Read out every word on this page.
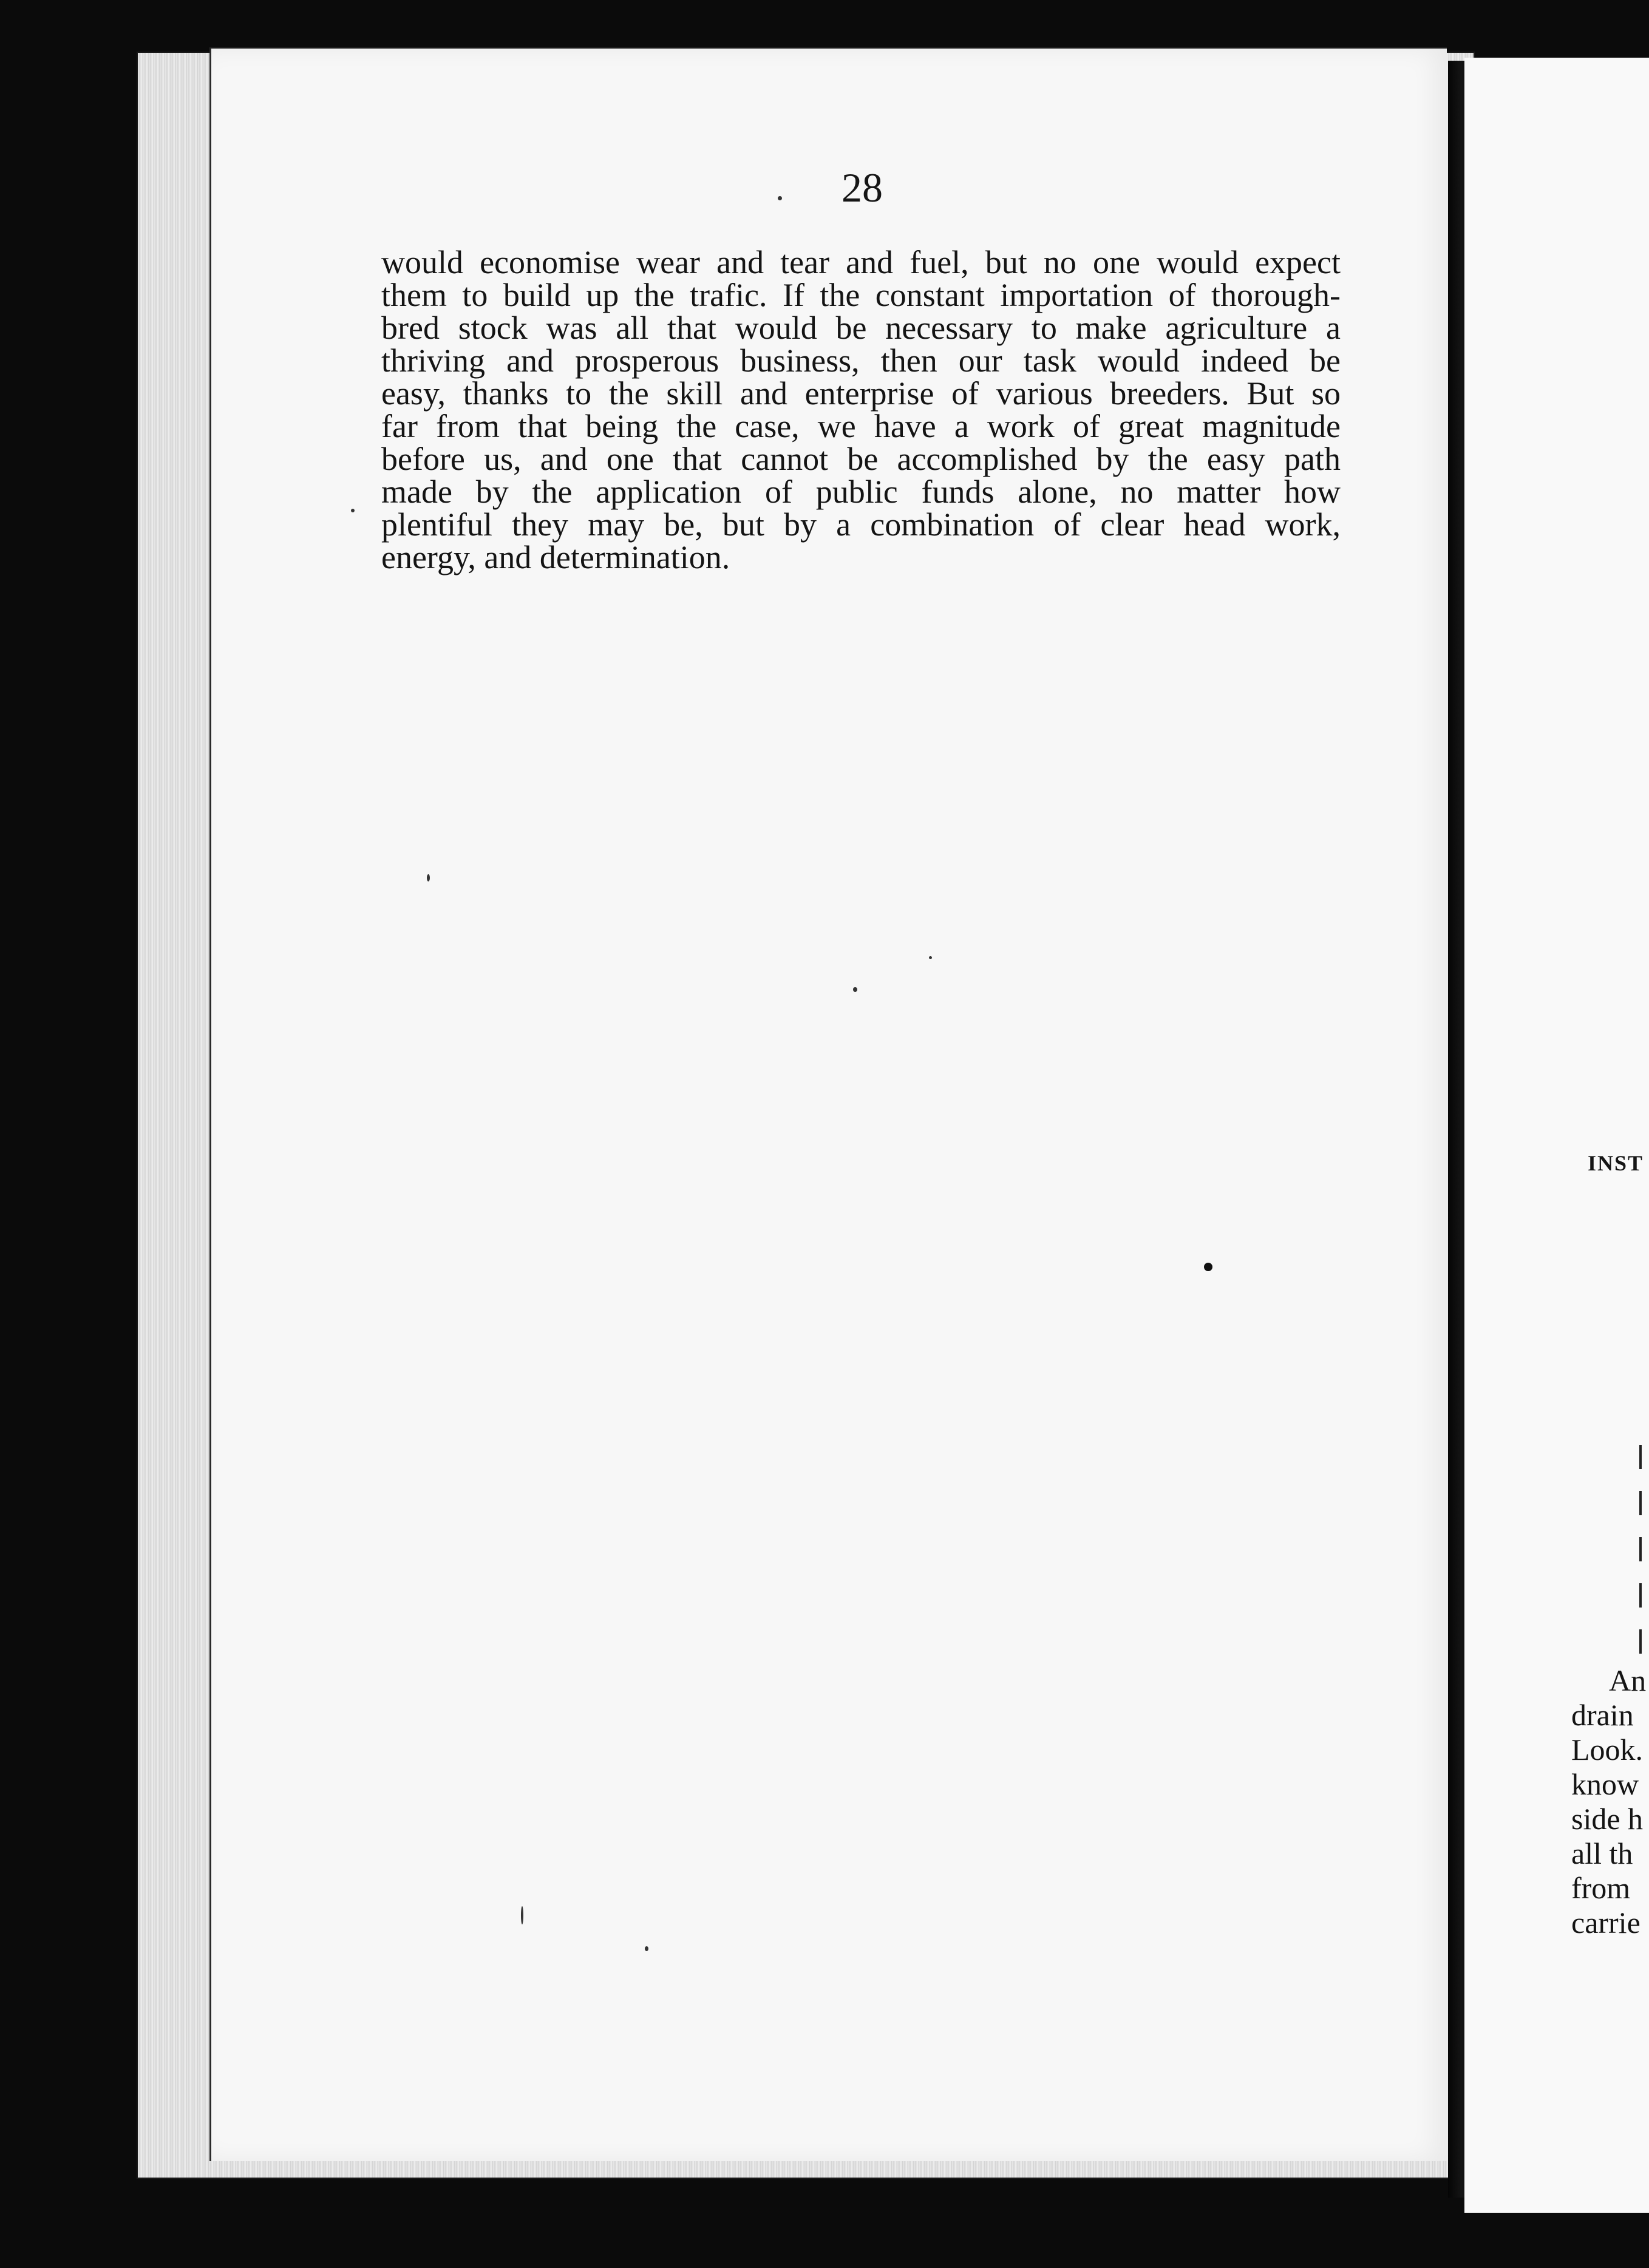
28

would economise wear and tear and fuel, but no one would expect
them to build up the trafic. If the constant importation of thorough-
bred stock was all that would be necessary to make agriculture a
thriving and prosperous business, then our task would indeed be
easy, thanks to the skill and enterprise of various breeders. But so
far from that being the case, we have a work of great magnitude
before us, and one that cannot be accomplished by the easy path
made by the application of public funds alone, no matter how
plentiful they may be, but by a combination of clear head work,
energy, and determination.
INST
An
drain
Look.
know
side h
all th
from
carrie
